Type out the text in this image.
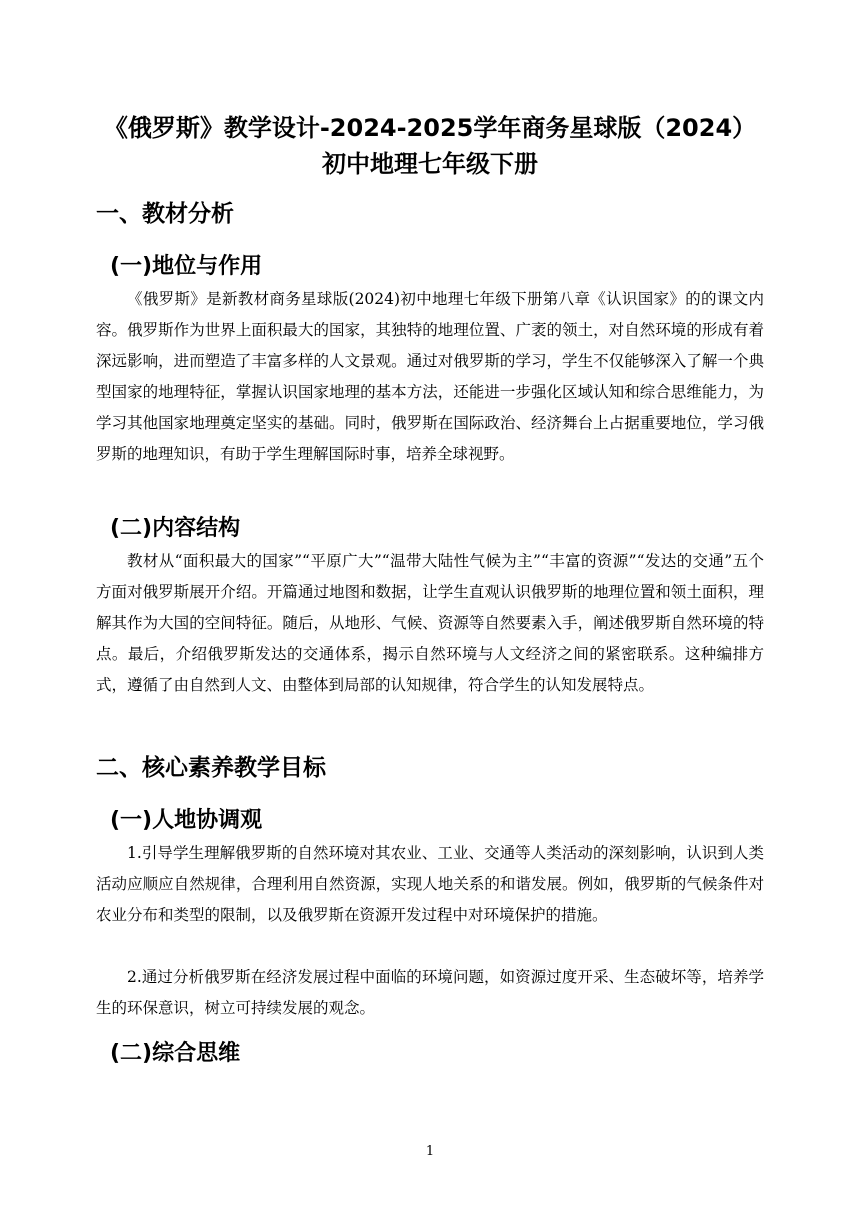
《俄罗斯》教学设计-2024-2025学年商务星球版（2024）
初中地理七年级下册
一、教材分析
(一)地位与作用

《俄罗斯》是新教材商务星球版(2024)初中地理七年级下册第八章《认识国家》的的课文内容。俄罗斯作为世界上面积最大的国家，其独特的地理位置、广袤的领土，对自然环境的形成有着深远影响，进而塑造了丰富多样的人文景观。通过对俄罗斯的学习，学生不仅能够深入了解一个典型国家的地理特征，掌握认识国家地理的基本方法，还能进一步强化区域认知和综合思维能力，为学习其他国家地理奠定坚实的基础。同时，俄罗斯在国际政治、经济舞台上占据重要地位，学习俄罗斯的地理知识，有助于学生理解国际时事，培养全球视野。

(二)内容结构

教材从“面积最大的国家”“平原广大”“温带大陆性气候为主”“丰富的资源”“发达的交通”五个方面对俄罗斯展开介绍。开篇通过地图和数据，让学生直观认识俄罗斯的地理位置和领土面积，理解其作为大国的空间特征。随后，从地形、气候、资源等自然要素入手，阐述俄罗斯自然环境的特点。最后，介绍俄罗斯发达的交通体系，揭示自然环境与人文经济之间的紧密联系。这种编排方式，遵循了由自然到人文、由整体到局部的认知规律，符合学生的认知发展特点。

二、核心素养教学目标
(一)人地协调观

1.引导学生理解俄罗斯的自然环境对其农业、工业、交通等人类活动的深刻影响，认识到人类活动应顺应自然规律，合理利用自然资源，实现人地关系的和谐发展。例如，俄罗斯的气候条件对农业分布和类型的限制，以及俄罗斯在资源开发过程中对环境保护的措施。

2.通过分析俄罗斯在经济发展过程中面临的环境问题，如资源过度开采、生态破坏等，培养学生的环保意识，树立可持续发展的观念。

(二)综合思维
1
